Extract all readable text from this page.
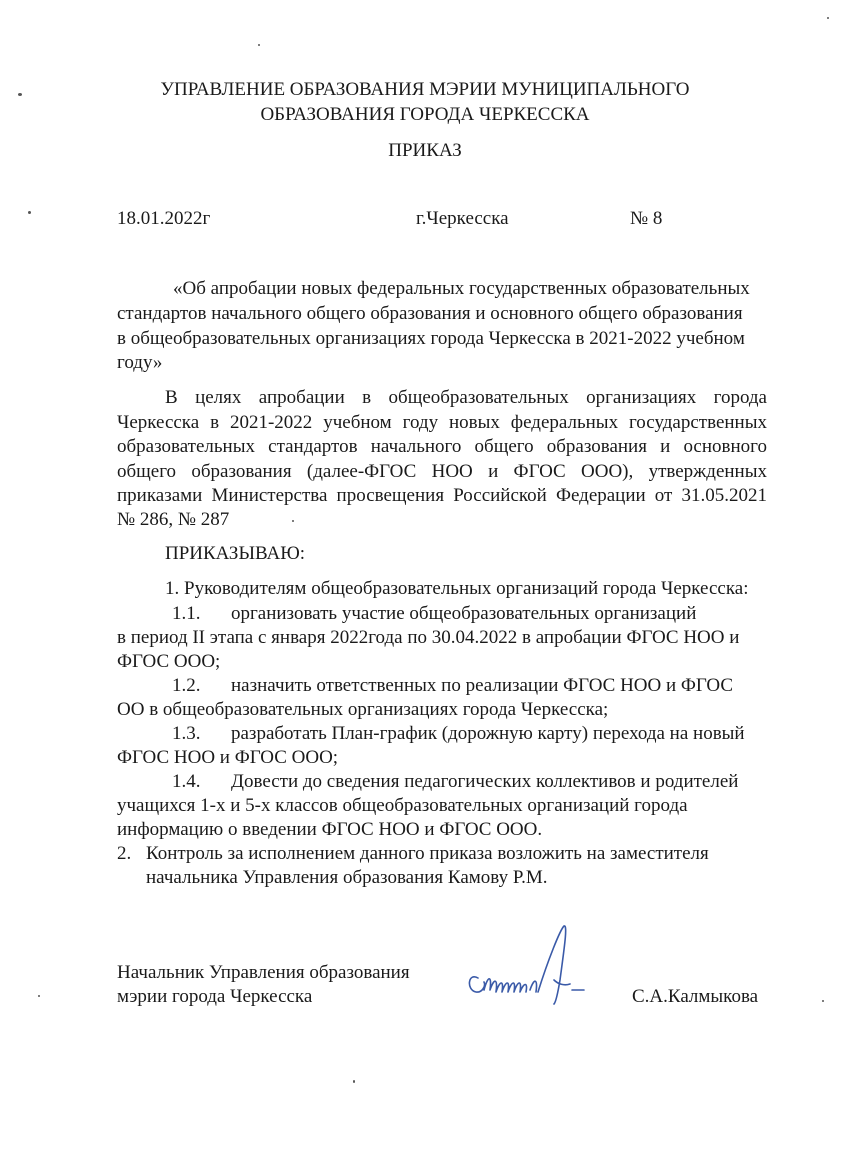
УПРАВЛЕНИЕ ОБРАЗОВАНИЯ МЭРИИ МУНИЦИПАЛЬНОГО
ОБРАЗОВАНИЯ ГОРОДА ЧЕРКЕССКА
ПРИКАЗ
18.01.2022г	г.Черкесска	№ 8
«Об апробации новых федеральных государственных образовательных
стандартов начального общего образования и основного общего образования
в общеобразовательных организациях города Черкесска в 2021-2022 учебном
году»
В целях апробации в общеобразовательных организациях города
Черкесска в 2021-2022 учебном году новых федеральных государственных
образовательных стандартов начального общего образования и основного
общего образования (далее-ФГОС НОО и ФГОС ООО), утвержденных
приказами Министерства просвещения Российской Федерации от 31.05.2021
№ 286, № 287
ПРИКАЗЫВАЮ:
1. Руководителям общеобразовательных организаций города Черкесска:
1.1. организовать участие общеобразовательных организаций
в период II этапа с января 2022года по 30.04.2022 в апробации ФГОС НОО и
ФГОС ООО;
1.2. назначить ответственных по реализации ФГОС НОО и ФГОС
ОО в общеобразовательных организациях города Черкесска;
1.3. разработать План-график (дорожную карту) перехода на новый
ФГОС НОО и ФГОС ООО;
1.4. Довести до сведения педагогических коллективов и родителей
учащихся 1-х и 5-х классов общеобразовательных организаций города
информацию о введении ФГОС НОО и ФГОС ООО.
2. Контроль за исполнением данного приказа возложить на заместителя
начальника Управления образования Камову Р.М.
Начальник Управления образования
мэрии города Черкесска	С.А.Калмыкова
